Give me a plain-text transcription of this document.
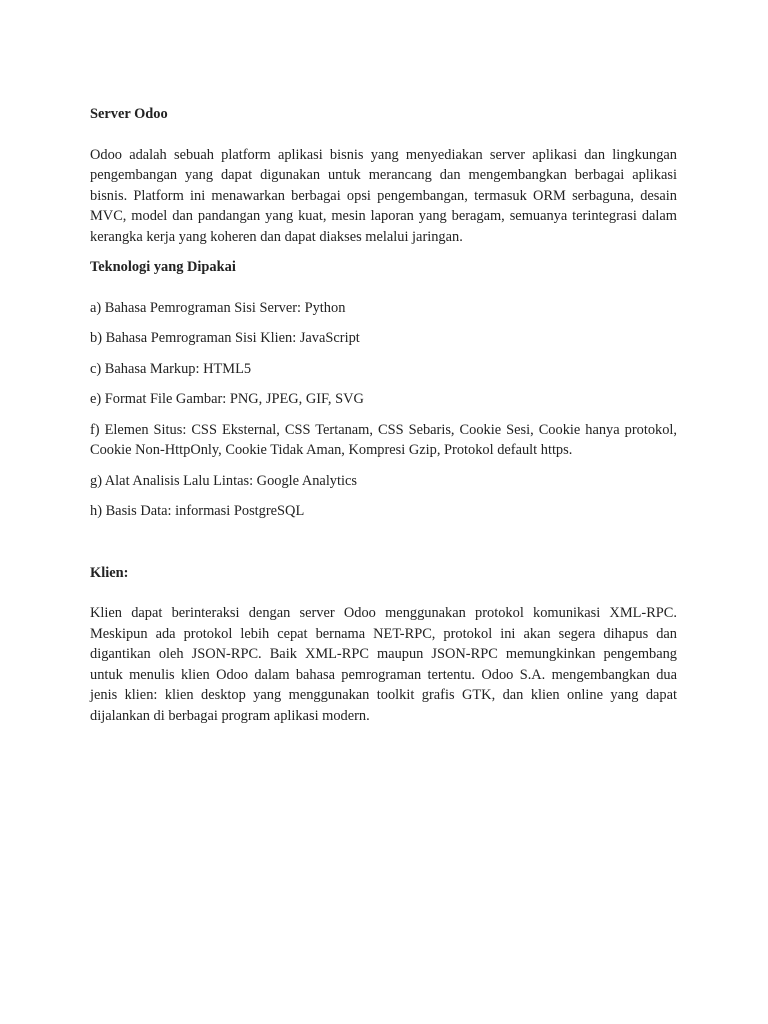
Server Odoo

Odoo adalah sebuah platform aplikasi bisnis yang menyediakan server aplikasi dan lingkungan pengembangan yang dapat digunakan untuk merancang dan mengembangkan berbagai aplikasi bisnis. Platform ini menawarkan berbagai opsi pengembangan, termasuk ORM serbaguna, desain MVC, model dan pandangan yang kuat, mesin laporan yang beragam, semuanya terintegrasi dalam kerangka kerja yang koheren dan dapat diakses melalui jaringan.

Teknologi yang Dipakai

a) Bahasa Pemrograman Sisi Server: Python

b) Bahasa Pemrograman Sisi Klien: JavaScript

c) Bahasa Markup: HTML5

e) Format File Gambar: PNG, JPEG, GIF, SVG

f) Elemen Situs: CSS Eksternal, CSS Tertanam, CSS Sebaris, Cookie Sesi, Cookie hanya protokol, Cookie Non-HttpOnly, Cookie Tidak Aman, Kompresi Gzip, Protokol default https.

g) Alat Analisis Lalu Lintas: Google Analytics

h) Basis Data: informasi PostgreSQL

Klien:

Klien dapat berinteraksi dengan server Odoo menggunakan protokol komunikasi XML-RPC. Meskipun ada protokol lebih cepat bernama NET-RPC, protokol ini akan segera dihapus dan digantikan oleh JSON-RPC. Baik XML-RPC maupun JSON-RPC memungkinkan pengembang untuk menulis klien Odoo dalam bahasa pemrograman tertentu. Odoo S.A. mengembangkan dua jenis klien: klien desktop yang menggunakan toolkit grafis GTK, dan klien online yang dapat dijalankan di berbagai program aplikasi modern.
